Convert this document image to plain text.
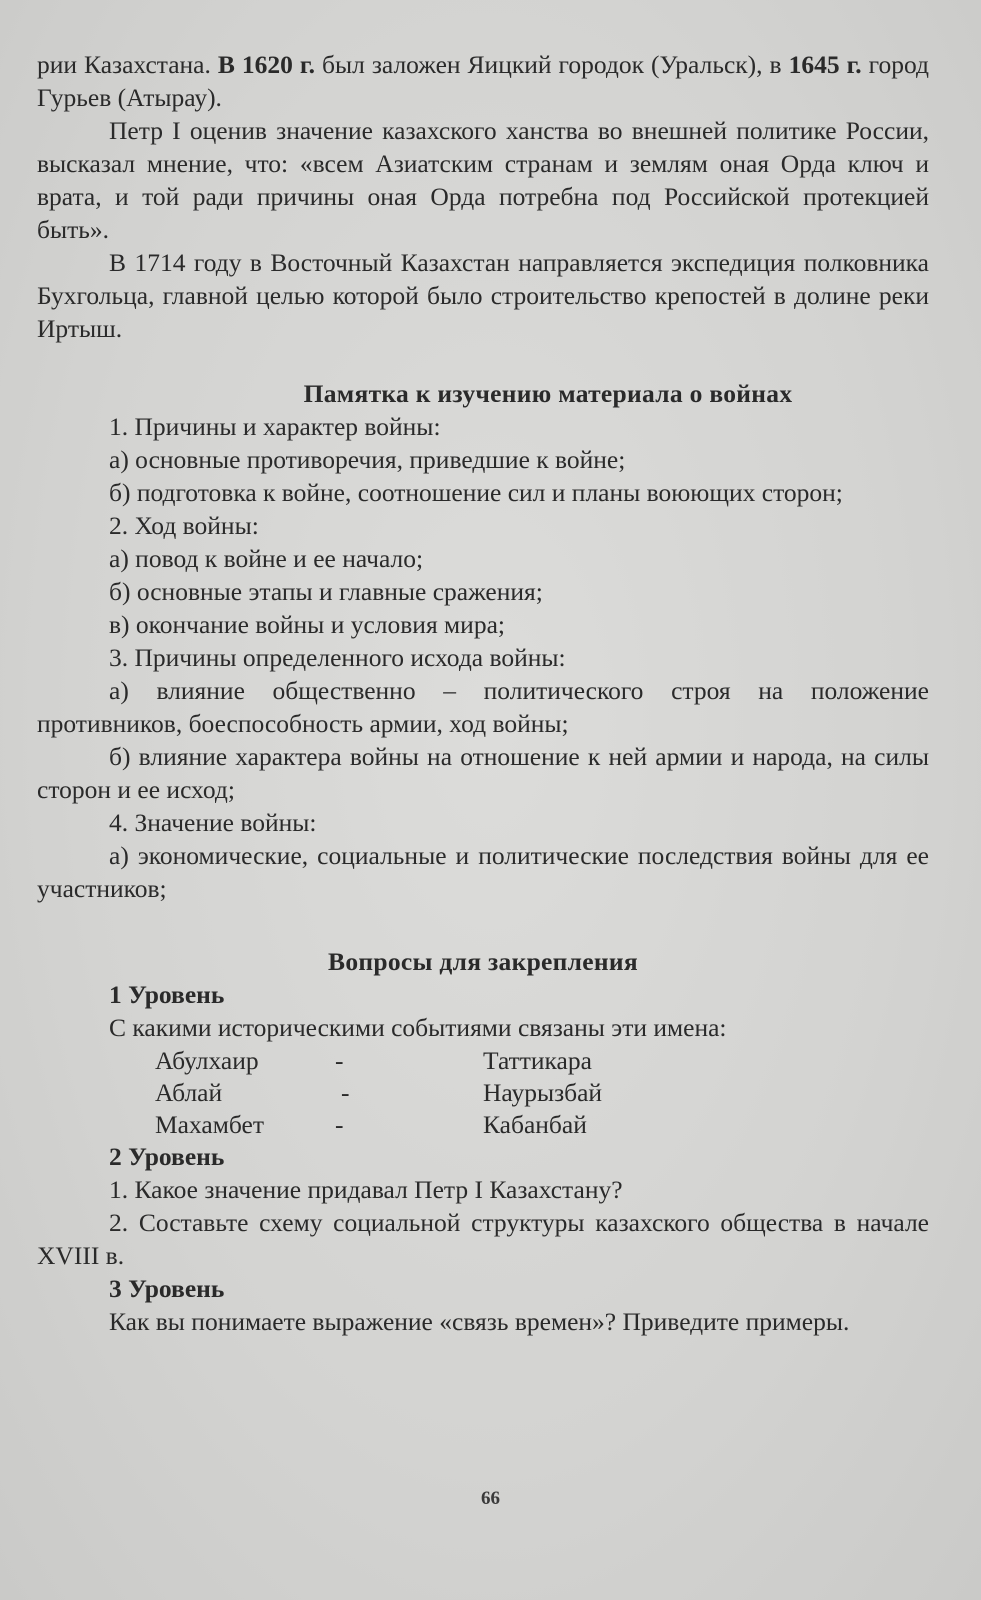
рии Казахстана. В 1620 г. был заложен Яицкий городок (Уральск), в 1645 г. город Гурьев (Атырау).

Петр I оценив значение казахского ханства во внешней политике России, высказал мнение, что: «всем Азиатским странам и землям оная Орда ключ и врата, и той ради причины оная Орда потребна под Российской протекцией быть».

В 1714 году в Восточный Казахстан направляется экспедиция полковника Бухгольца, главной целью которой было строительство крепостей в долине реки Иртыш.

Памятка к изучению материала о войнах

1. Причины и характер войны:

а) основные противоречия, приведшие к войне;

б) подготовка к войне, соотношение сил и планы воюющих сторон;

2. Ход войны:

а) повод к войне и ее начало;

б) основные этапы и главные сражения;

в) окончание войны и условия мира;

3. Причины определенного исхода войны:

а) влияние общественно – политического строя на положение противников, боеспособность армии, ход войны;

б) влияние характера войны на отношение к ней армии и народа, на силы сторон и ее исход;

4. Значение войны:

а) экономические, социальные и политические последствия войны для ее участников;

Вопросы для закрепления

1 Уровень

С какими историческими событиями связаны эти имена:

Абулхаир	-	Таттикара
Аблай	-	Наурызбай
Махамбет	-	Кабанбай

2 Уровень

1. Какое значение придавал Петр I Казахстану?

2. Составьте схему социальной структуры казахского общества в начале XVIII в.

3 Уровень

Как вы понимаете выражение «связь времен»? Приведите примеры.

66
